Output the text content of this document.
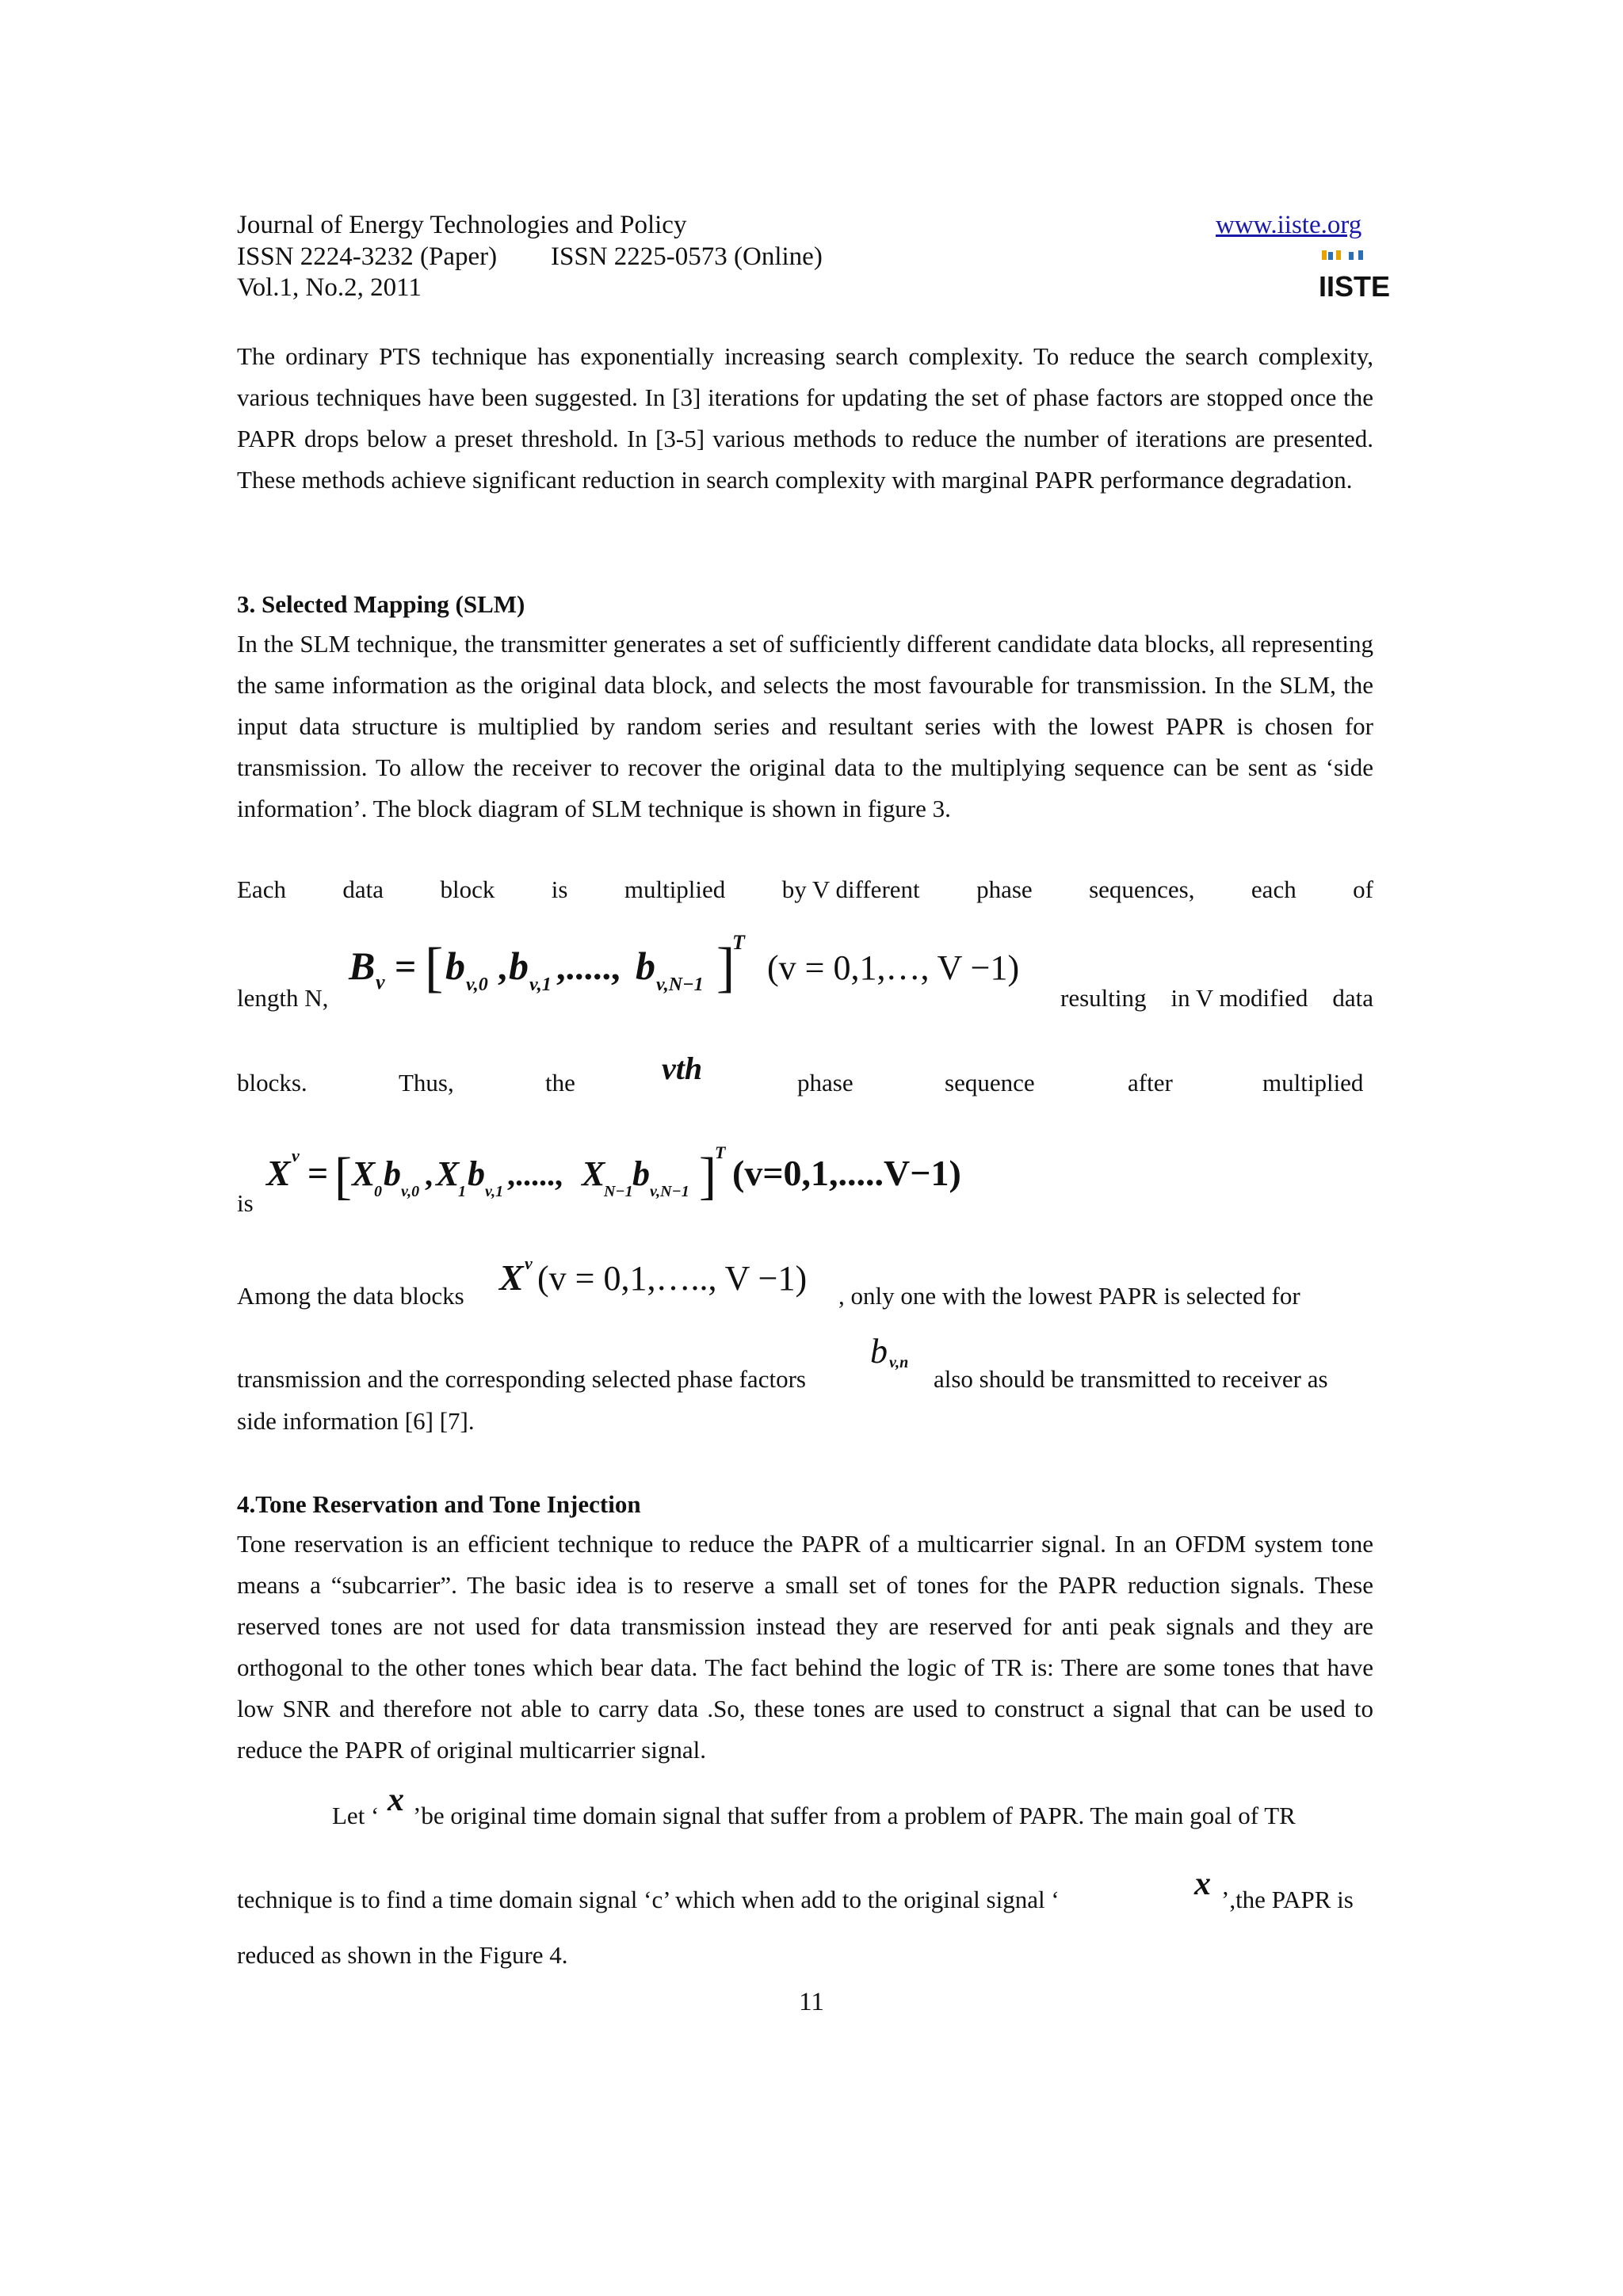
Journal of Energy Technologies and Policy	www.iiste.org
ISSN 2224-3232 (Paper) ISSN 2225-0573 (Online)
Vol.1, No.2, 2011	IISTE
The ordinary PTS technique has exponentially increasing search complexity. To reduce the search complexity, various techniques have been suggested. In [3] iterations for updating the set of phase factors are stopped once the PAPR drops below a preset threshold. In [3-5] various methods to reduce the number of iterations are presented. These methods achieve significant reduction in search complexity with marginal PAPR performance degradation.
3. Selected Mapping (SLM)
In the SLM technique, the transmitter generates a set of sufficiently different candidate data blocks, all representing the same information as the original data block, and selects the most favourable for transmission. In the SLM, the input data structure is multiplied by random series and resultant series with the lowest PAPR is chosen for transmission. To allow the receiver to recover the original data to the multiplying sequence can be sent as ‘side information’. The block diagram of SLM technique is shown in figure 3.
Each data block is multiplied by V different phase sequences, each of
length N,
B v = [ b v,0 , b v,1 ,....., b v,N−1 ]
T
(v = 0,1,…, V −1)
resulting in V modified data
blocks.	Thus,	the	vth	phase	sequence	after	multiplied
is
X v = [ X
0 b v,0 , X
1 b v,1 ,....., X
N−1 b v,N−1 ]
T
(v=0,1,.....V−1)
Among the data blocks X v (v = 0,1,….., V −1) , only one with the lowest PAPR is selected for
transmission and the corresponding selected phase factors
b v,n
also should be transmitted to receiver as
side information [6] [7].
4.Tone Reservation and Tone Injection
Tone reservation is an efficient technique to reduce the PAPR of a multicarrier signal. In an OFDM system tone means a “subcarrier”. The basic idea is to reserve a small set of tones for the PAPR reduction signals. These reserved tones are not used for data transmission instead they are reserved for anti peak signals and they are orthogonal to the other tones which bear data. The fact behind the logic of TR is: There are some tones that have low SNR and therefore not able to carry data .So, these tones are used to construct a signal that can be used to reduce the PAPR of original multicarrier signal.
Let ‘ x ’be original time domain signal that suffer from a problem of PAPR. The main goal of TR
technique is to find a time domain signal ‘c’ which when add to the original signal ‘	x ’,the PAPR is
reduced as shown in the Figure 4.
11
